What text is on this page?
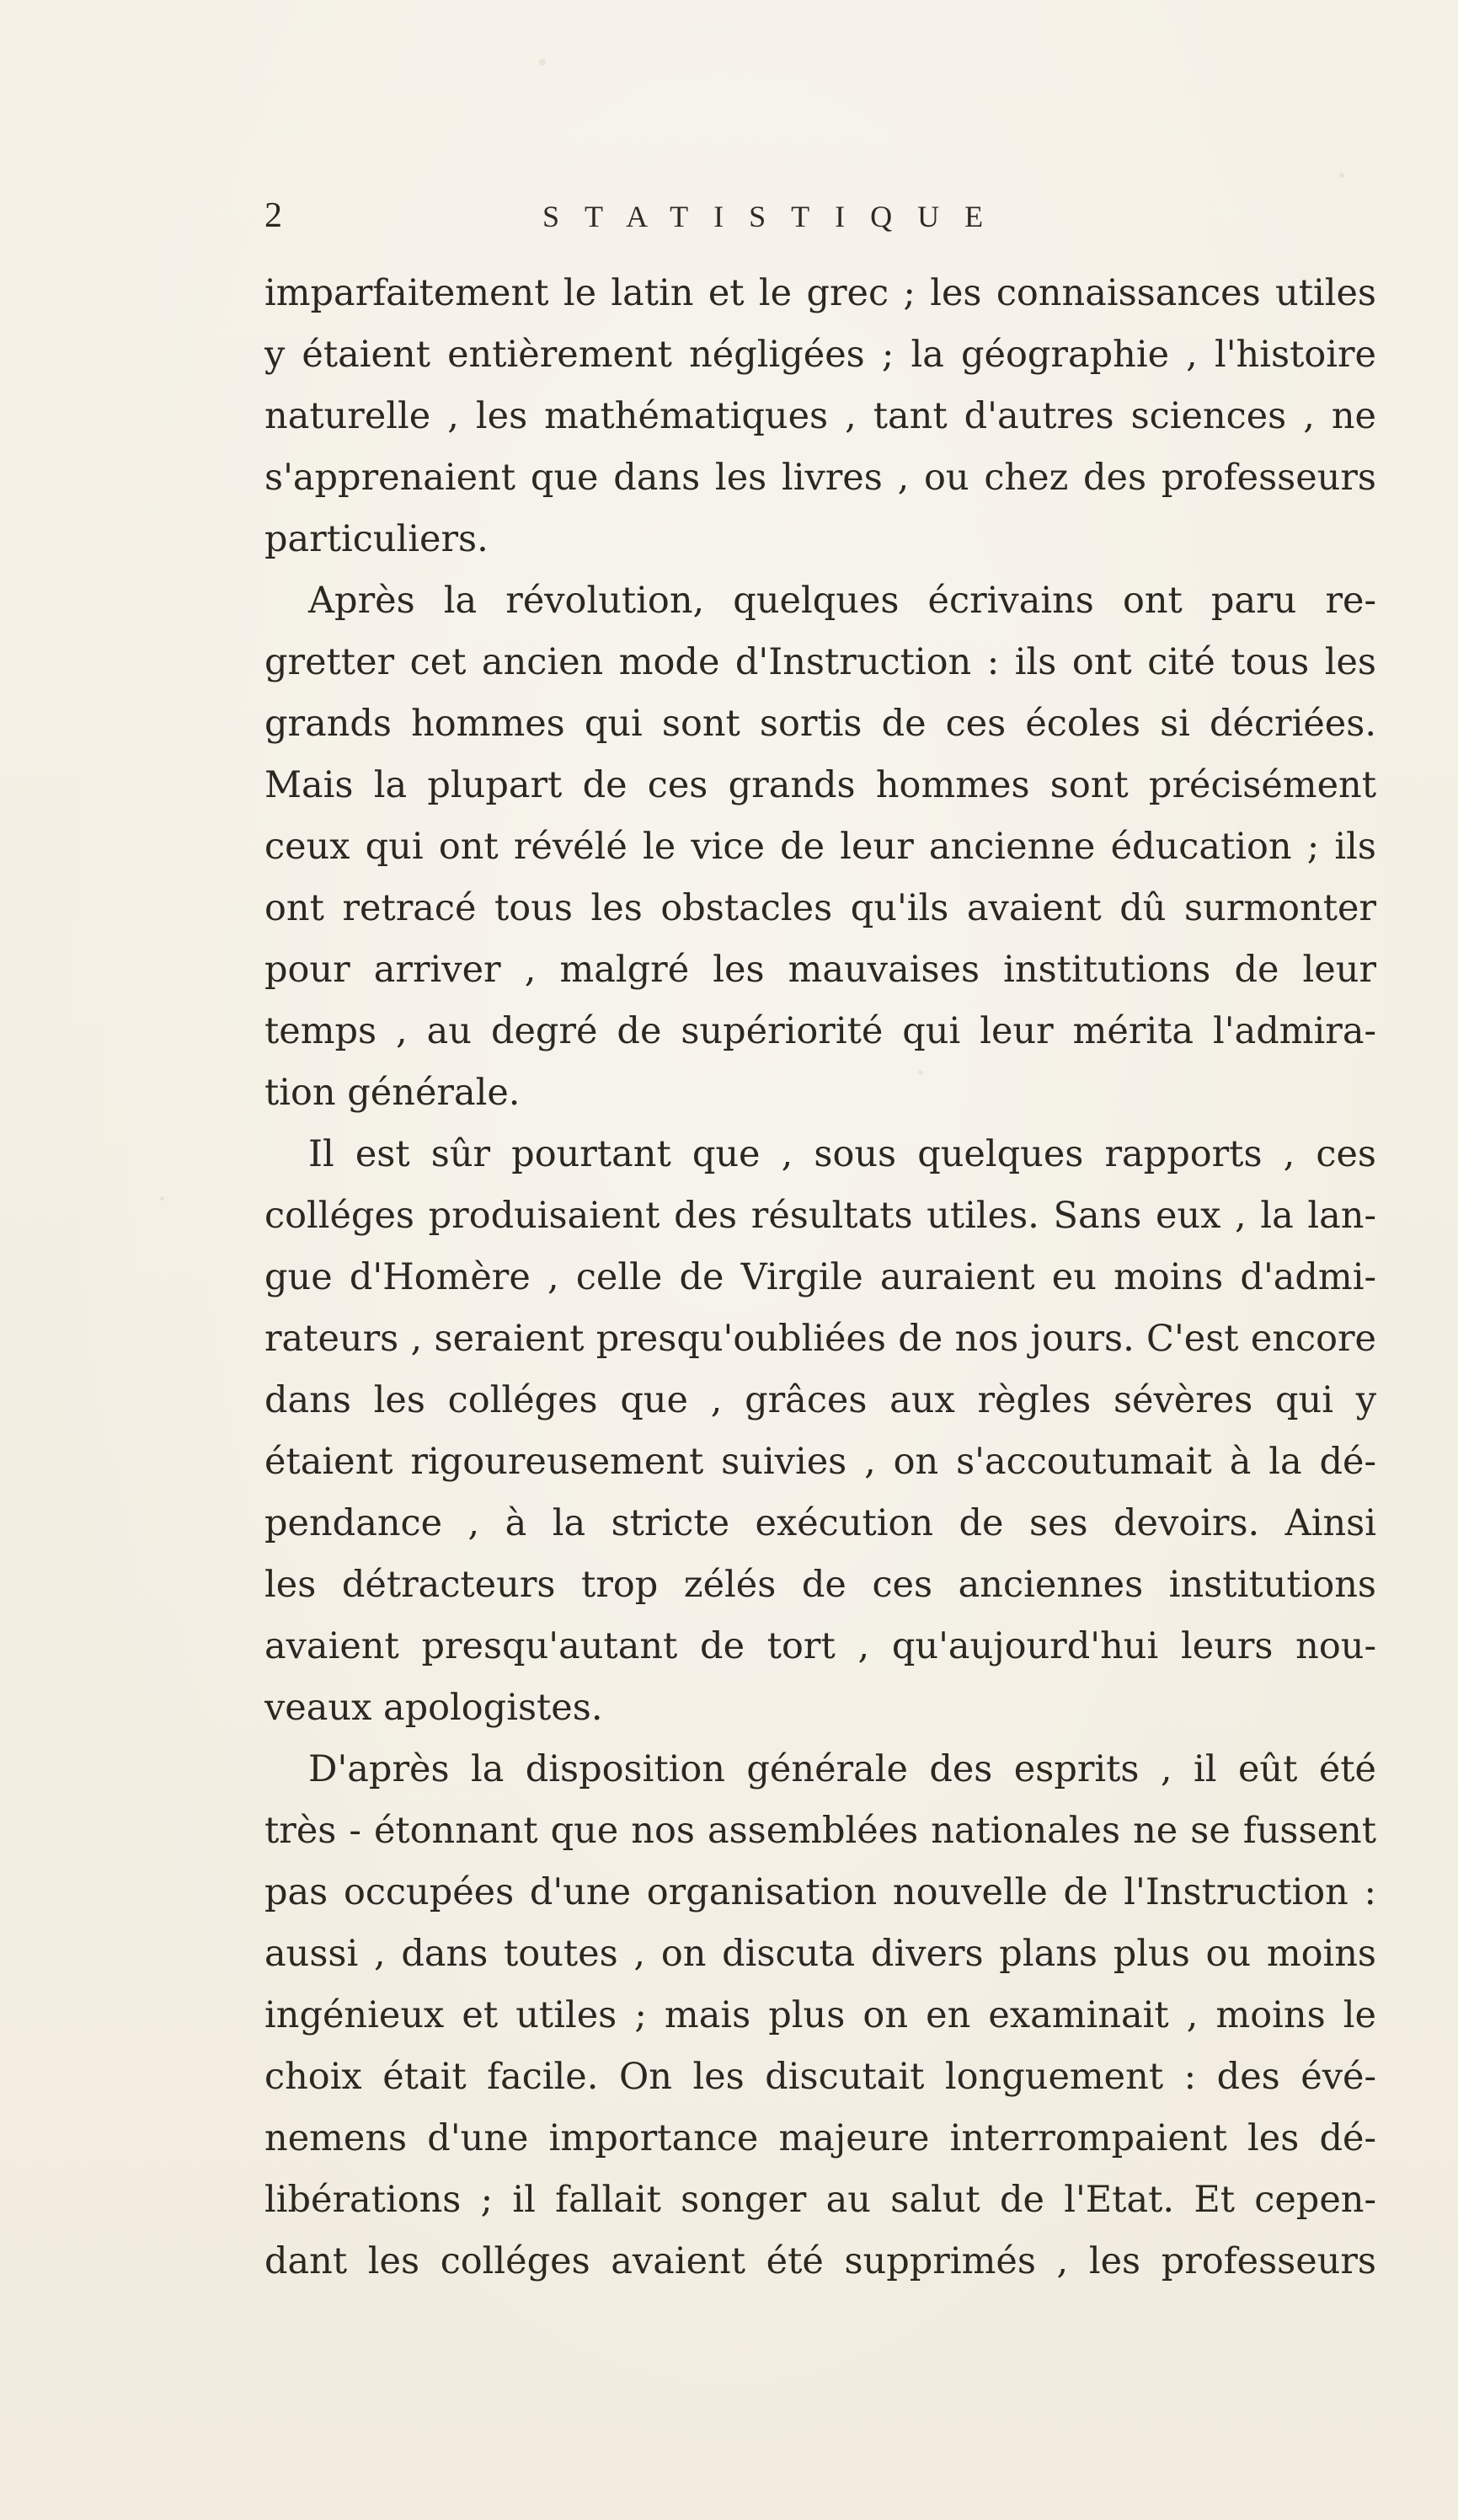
2	STATISTIQUE
imparfaitement le latin et le grec ; les connaissances utiles
y étaient entièrement négligées ; la géographie , l'histoire
naturelle , les mathématiques , tant d'autres sciences , ne
s'apprenaient que dans les livres , ou chez des professeurs
particuliers.
Après la révolution, quelques écrivains ont paru re-
gretter cet ancien mode d'Instruction : ils ont cité tous les
grands hommes qui sont sortis de ces écoles si décriées.
Mais la plupart de ces grands hommes sont précisément
ceux qui ont révélé le vice de leur ancienne éducation ; ils
ont retracé tous les obstacles qu'ils avaient dû surmonter
pour arriver , malgré les mauvaises institutions de leur
temps , au degré de supériorité qui leur mérita l'admira-
tion générale.
Il est sûr pourtant que , sous quelques rapports , ces
colléges produisaient des résultats utiles. Sans eux , la lan-
gue d'Homère , celle de Virgile auraient eu moins d'admi-
rateurs , seraient presqu'oubliées de nos jours. C'est encore
dans les colléges que , grâces aux règles sévères qui y
étaient rigoureusement suivies , on s'accoutumait à la dé-
pendance , à la stricte exécution de ses devoirs. Ainsi
les détracteurs trop zélés de ces anciennes institutions
avaient presqu'autant de tort , qu'aujourd'hui leurs nou-
veaux apologistes.
D'après la disposition générale des esprits , il eût été
très - étonnant que nos assemblées nationales ne se fussent
pas occupées d'une organisation nouvelle de l'Instruction :
aussi , dans toutes , on discuta divers plans plus ou moins
ingénieux et utiles ; mais plus on en examinait , moins le
choix était facile. On les discutait longuement : des évé-
nemens d'une importance majeure interrompaient les dé-
libérations ; il fallait songer au salut de l'Etat. Et cepen-
dant les colléges avaient été supprimés , les professeurs
